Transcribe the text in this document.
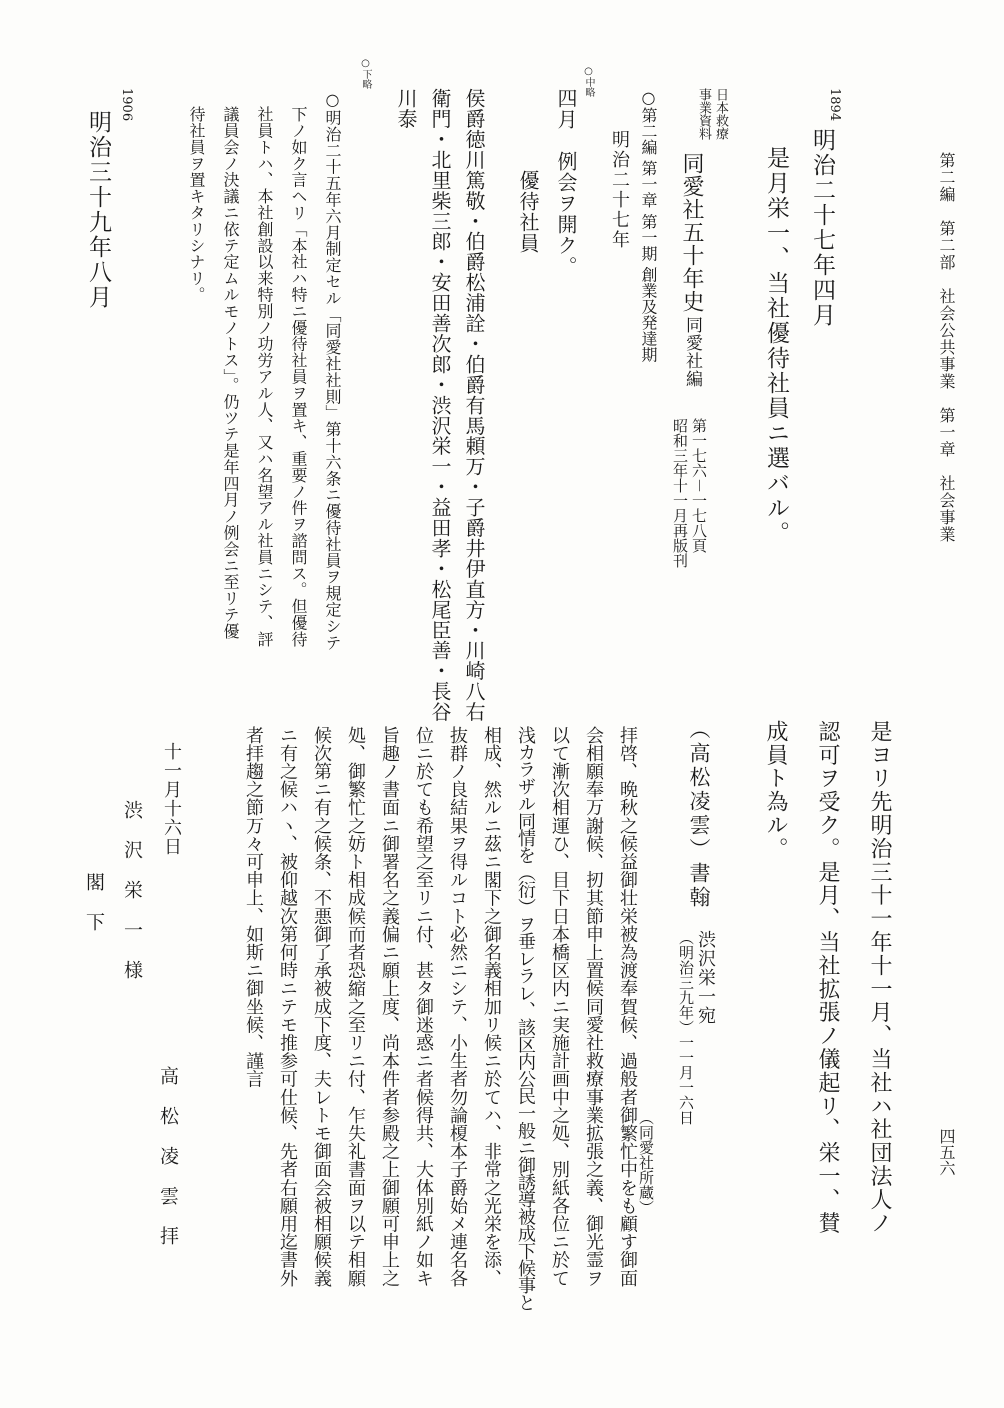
第二編　第二部　社会公共事業　第一章　社会事業
四五六
1894
明治二十七年四月
是月栄一、当社優待社員ニ選バル。
日本救療
事業資料
同愛社五十年史
同愛社編
第一七六－一七八頁
昭和三年十一月再版刊
○第二編 第一章 第一期 創業及発達期
明治二十七年
○中略
四月　例会ヲ開ク。
優待社員
侯爵徳川篤敬・伯爵松浦詮・伯爵有馬頼万・子爵井伊直方・川崎八右
衛門・北里柴三郎・安田善次郎・渋沢栄一・益田孝・松尾臣善・長谷
川泰
○下略
○明治二十五年六月制定セル「同愛社社則」第十六条ニ優待社員ヲ規定シテ
下ノ如ク言ヘリ「本社ハ特ニ優待社員ヲ置キ、重要ノ件ヲ諮問ス。但優待
社員トハ、本社創設以来特別ノ功労アル人、又ハ名望アル社員ニシテ、評
議員会ノ決議ニ依テ定ムルモノトス」。仍ツテ是年四月ノ例会ニ至リテ優
待社員ヲ置キタリシナリ。
1906
明治三十九年八月
是ヨリ先明治三十一年十一月、当社ハ社団法人ノ
認可ヲ受ク。是月、当社拡張ノ儀起リ、栄一、賛
成員ト為ル。
（同愛社所蔵）
（高松凌雲）書翰
渋沢栄一宛
（明治三九年）一一月一六日
拝啓、晩秋之候益御壮栄被為渡奉賀候、過般者御繁忙中をも顧す御面
会相願奉万謝候、扨其節申上置候同愛社救療事業拡張之義、御光霊ヲ
以て漸次相運ひ、目下日本橋区内ニ実施計画中之処、別紙各位ニ於て
浅カラザル同情を（衍）ヲ垂レラレ、該区内公民一般ニ御誘導被成下候事と
相成、然ルニ茲ニ閣下之御名義相加リ候ニ於てハ、非常之光栄を添、
抜群ノ良結果ヲ得ルコト必然ニシテ、小生者勿論榎本子爵始メ連名各
位ニ於ても希望之至リニ付、甚タ御迷惑ニ者候得共、大体別紙ノ如キ
旨趣ノ書面ニ御署名之義偏ニ願上度、尚本件者参殿之上御願可申上之
処、御繁忙之妨ト相成候而者恐縮之至リニ付、乍失礼書面ヲ以テ相願
候次第ニ有之候条、不悪御了承被成下度、夫レトモ御面会被相願候義
ニ有之候ハヽ、被仰越次第何時ニテモ推参可仕候、先者右願用迄書外
者拝趨之節万々可申上、如斯ニ御坐候、謹言
十一月十六日
高　松　凌　雲　拝
渋　沢　栄　一　様
閣　下
